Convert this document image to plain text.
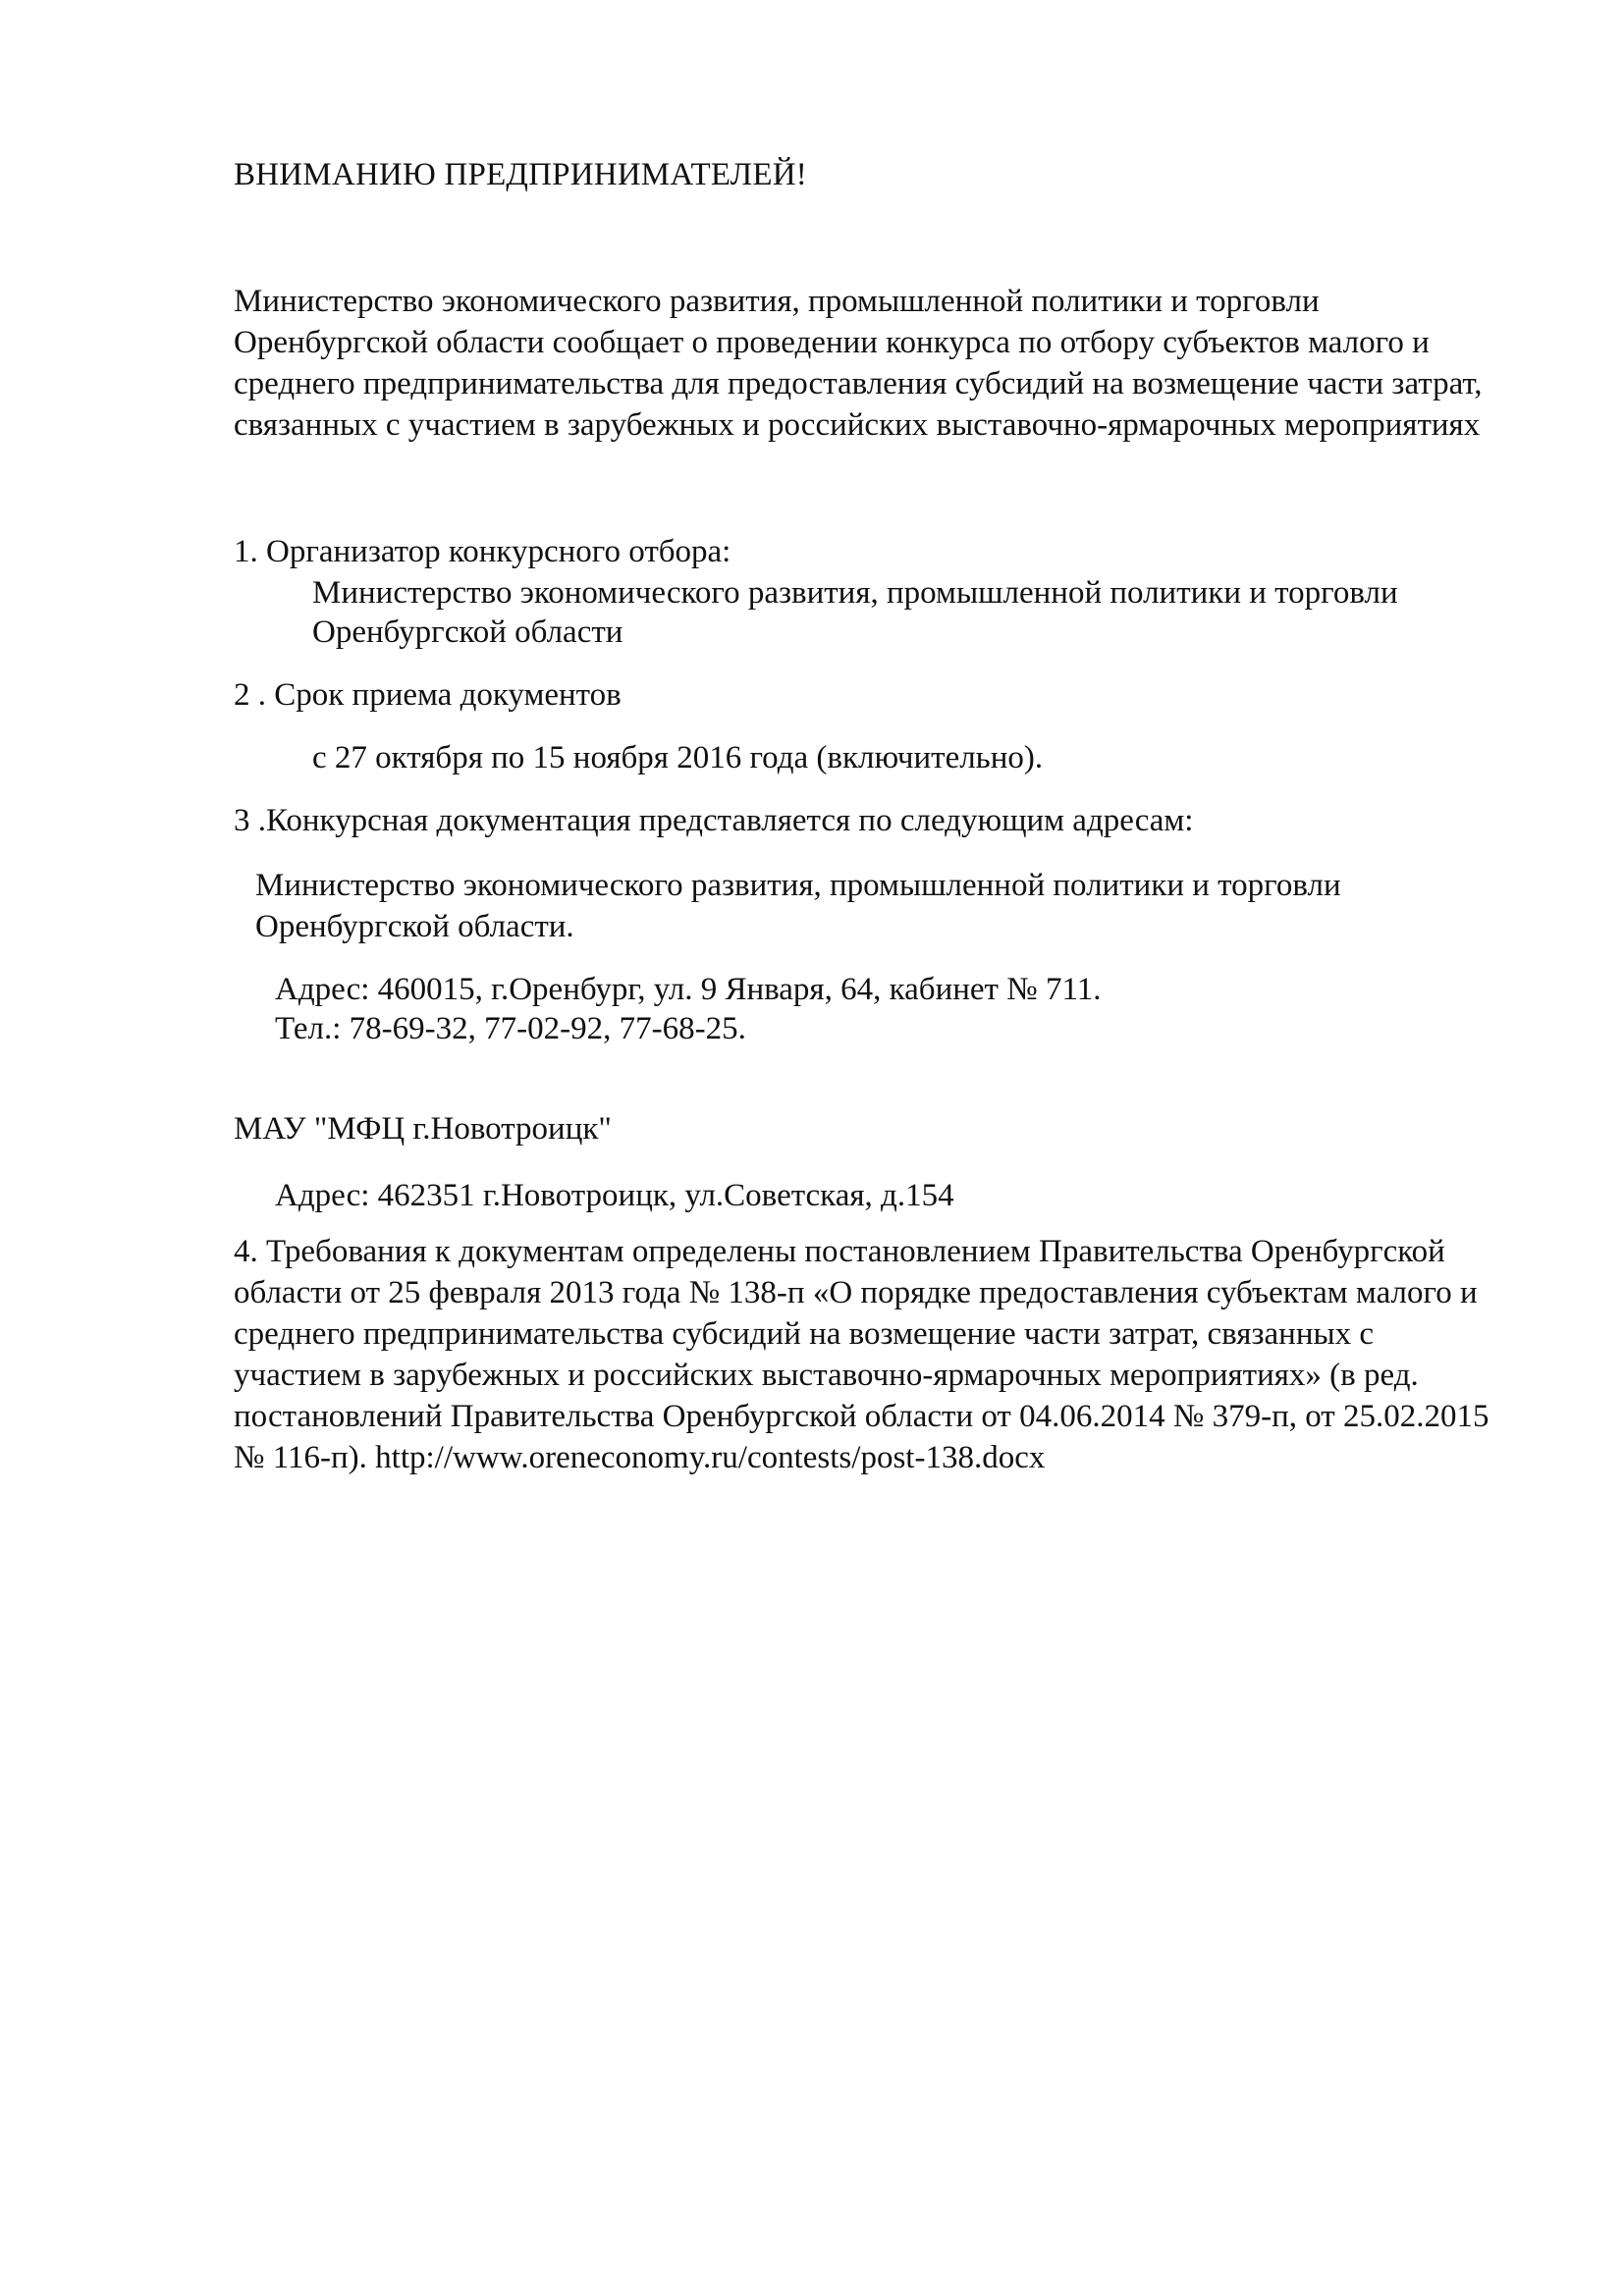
ВНИМАНИЮ ПРЕДПРИНИМАТЕЛЕЙ!
Министерство экономического развития, промышленной политики и торговли
Оренбургской области сообщает о проведении конкурса по отбору субъектов малого и
среднего предпринимательства для предоставления субсидий на возмещение части затрат,
связанных с участием в зарубежных и российских выставочно-ярмарочных мероприятиях
1. Организатор конкурсного отбора:
Министерство экономического развития, промышленной политики и торговли
Оренбургской области
2 . Срок приема документов
с 27 октября по 15 ноября 2016 года (включительно).
3 .Конкурсная документация представляется по следующим адресам:
Министерство экономического развития, промышленной политики и торговли
Оренбургской области.
Адрес: 460015, г.Оренбург, ул. 9 Января, 64, кабинет № 711.
Тел.: 78-69-32, 77-02-92, 77-68-25.
МАУ "МФЦ г.Новотроицк"
Адрес: 462351 г.Новотроицк, ул.Советская, д.154
4. Требования к документам определены постановлением Правительства Оренбургской
области от 25 февраля 2013 года № 138-п «О порядке предоставления субъектам малого и
среднего предпринимательства субсидий на возмещение части затрат, связанных с
участием в зарубежных и российских выставочно-ярмарочных мероприятиях» (в ред.
постановлений Правительства Оренбургской области от 04.06.2014 № 379-п, от 25.02.2015
№ 116-п). http://www.oreneconomy.ru/contests/post-138.docx
